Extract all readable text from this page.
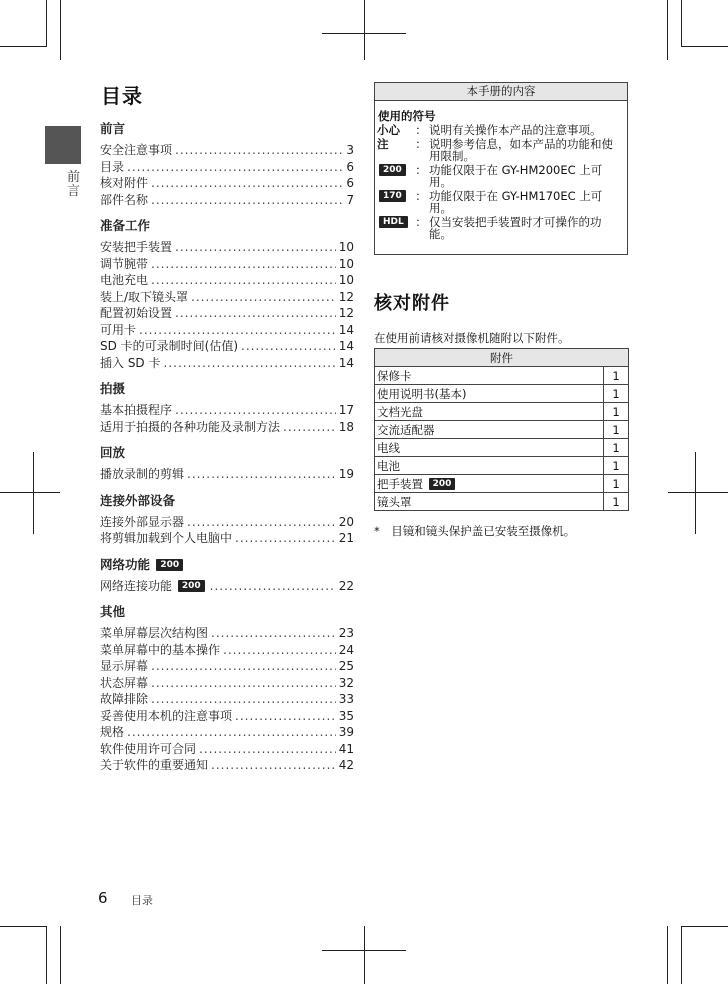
目录
前言
前言
安全注意事项 .....	3
目录 .....	6
核对附件 .....	6
部件名称 .....	7
准备工作
安装把手装置 .....	10
调节腕带 .....	10
电池充电 .....	10
装上/取下镜头罩 .....	12
配置初始设置 .....	12
可用卡 .....	14
SD 卡的可录制时间(估值) .....	14
插入 SD 卡 .....	14
拍摄
基本拍摄程序 .....	17
适用于拍摄的各种功能及录制方法 .....	18
回放
播放录制的剪辑 .....	19
连接外部设备
连接外部显示器 .....	20
将剪辑加载到个人电脑中 .....	21
网络功能 200
网络连接功能 200 .....	22
其他
菜单屏幕层次结构图 .....	23
菜单屏幕中的基本操作 .....	24
显示屏幕 .....	25
状态屏幕 .....	32
故障排除 .....	33
妥善使用本机的注意事项 .....	35
规格 .....	39
软件使用许可合同 .....	41
关于软件的重要通知 .....	42
本手册的内容
使用的符号
小心	： 说明有关操作本产品的注意事项。
注	： 说明参考信息，如本产品的功能和使用限制。
200	： 功能仅限于在 GY-HM200EC 上可用。
170	： 功能仅限于在 GY-HM170EC 上可用。
HDL	： 仅当安装把手装置时才可操作的功能。
核对附件
在使用前请核对摄像机随附以下附件。
附件	
保修卡	1
使用说明书(基本)	1
文档光盘	1
交流适配器	1
电线	1
电池	1
把手装置 200	1
镜头罩	1
*　目镜和镜头保护盖已安装至摄像机。
6 目录
